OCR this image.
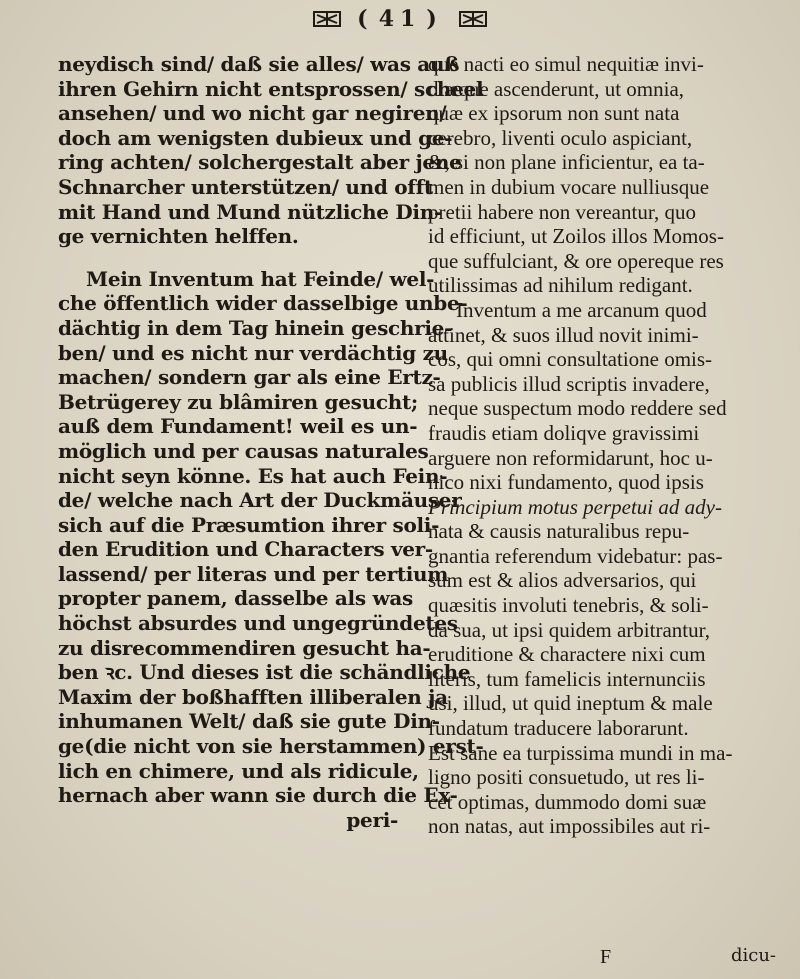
( 41 )
neydisch sind/ daß sie alles/ was auß
ihren Gehirn nicht entsprossen/ scheel
ansehen/ und wo nicht gar negiren/
doch am wenigsten dubieux und ge-
ring achten/ solchergestalt aber jene
Schnarcher unterstützen/ und offt
mit Hand und Mund nützliche Din-
ge vernichten helffen.
Mein Inventum hat Feinde/ wel-
che öffentlich wider dasselbige unbe-
dächtig in dem Tag hinein geschrie-
ben/ und es nicht nur verdächtig zu
machen/ sondern gar als eine Ertz-
Betrügerey zu blâmiren gesucht;
auß dem Fundament! weil es un-
möglich und per causas naturales
nicht seyn könne. Es hat auch Fein-
de/ welche nach Art der Duckmäuser
sich auf die Præsumtion ihrer soli-
den Erudition und Characters ver-
lassend/ per literas und per tertium
propter panem, dasselbe als was
höchst absurdes und ungegründetes
zu disrecommendiren gesucht ha-
ben ꝛc. Und dieses ist die schändliche
Maxim der boßhafften illiberalen ja
inhumanen Welt/ daß sie gute Din-
ge(die nicht von sie herstammen) erst-
lich en chimere, und als ridicule,
hernach aber wann sie durch die Ex-
peri-
que nacti eo simul nequitiæ invi-
diæque ascenderunt, ut omnia,
quæ ex ipsorum non sunt nata
cerebro, liventi oculo aspiciant,
&, si non plane inficientur, ea ta-
men in dubium vocare nulliusque
pretii habere non vereantur, quo
id efficiunt, ut Zoilos illos Momos-
que suffulciant, & ore opereque res
utilissimas ad nihilum redigant.
Inventum a me arcanum quod
attinet, & suos illud novit inimi-
cos, qui omni consultatione omis-
sa publicis illud scriptis invadere,
neque suspectum modo reddere sed
fraudis etiam doliqve gravissimi
arguere non reformidarunt, hoc u-
nico nixi fundamento, quod ipsis
Principium motus perpetui ad ady-
nata & causis naturalibus repu-
gnantia referendum videbatur: pas-
sum est & alios adversarios, qui
quæsitis involuti tenebris, & soli-
da sua, ut ipsi quidem arbitrantur,
eruditione & charactere nixi cum
literis, tum famelicis internunciis
usi, illud, ut quid ineptum & male
fundatum traducere laborarunt.
Est sane ea turpissima mundi in ma-
ligno positi consuetudo, ut res li-
cet optimas, dummodo domi suæ
non natas, aut impossibiles aut ri-
F	dicu-
